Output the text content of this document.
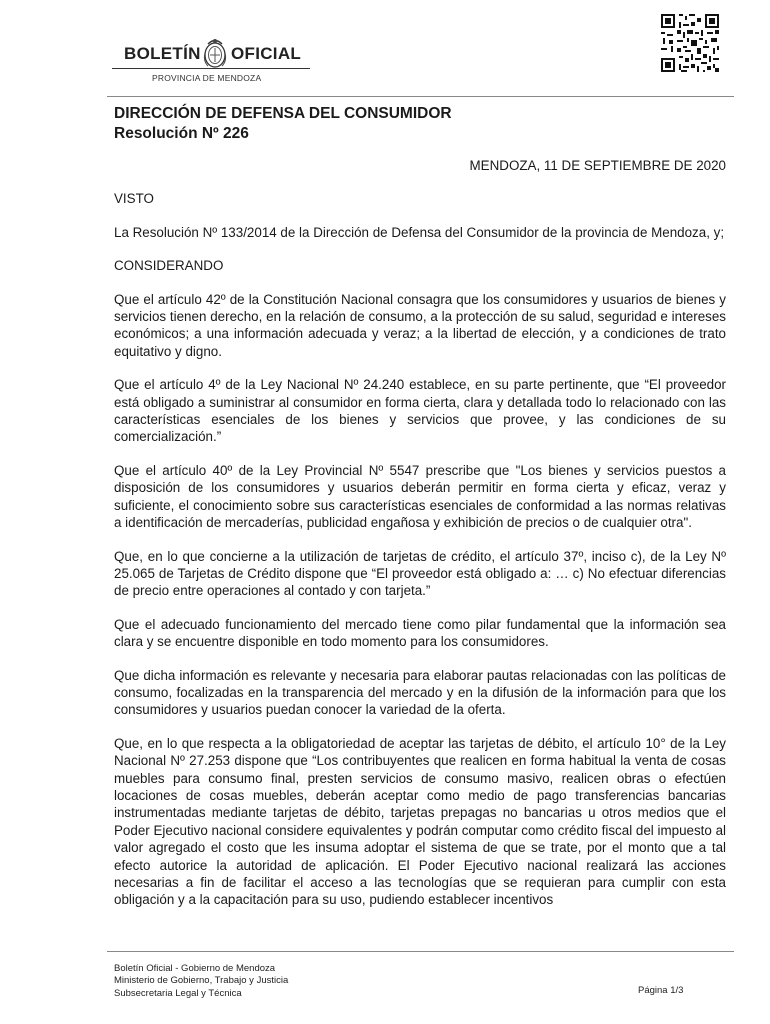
BOLETÍN OFICIAL
PROVINCIA DE MENDOZA
DIRECCIÓN DE DEFENSA DEL CONSUMIDOR
Resolución Nº 226
MENDOZA, 11 DE SEPTIEMBRE DE 2020

VISTO

La Resolución Nº 133/2014 de la Dirección de Defensa del Consumidor de la provincia de Mendoza, y;

CONSIDERANDO

Que el artículo 42º de la Constitución Nacional consagra que los consumidores y usuarios de bienes y servicios tienen derecho, en la relación de consumo, a la protección de su salud, seguridad e intereses económicos; a una información adecuada y veraz; a la libertad de elección, y a condiciones de trato equitativo y digno.

Que el artículo 4º de la Ley Nacional Nº 24.240 establece, en su parte pertinente, que “El proveedor está obligado a suministrar al consumidor en forma cierta, clara y detallada todo lo relacionado con las características esenciales de los bienes y servicios que provee, y las condiciones de su comercialización.”

Que el artículo 40º de la Ley Provincial Nº 5547 prescribe que "Los bienes y servicios puestos a disposición de los consumidores y usuarios deberán permitir en forma cierta y eficaz, veraz y suficiente, el conocimiento sobre sus características esenciales de conformidad a las normas relativas a identificación de mercaderías, publicidad engañosa y exhibición de precios o de cualquier otra".

Que, en lo que concierne a la utilización de tarjetas de crédito, el artículo 37º, inciso c), de la Ley Nº 25.065 de Tarjetas de Crédito dispone que “El proveedor está obligado a: … c) No efectuar diferencias de precio entre operaciones al contado y con tarjeta.”

Que el adecuado funcionamiento del mercado tiene como pilar fundamental que la información sea clara y se encuentre disponible en todo momento para los consumidores.

Que dicha información es relevante y necesaria para elaborar pautas relacionadas con las políticas de consumo, focalizadas en la transparencia del mercado y en la difusión de la información para que los consumidores y usuarios puedan conocer la variedad de la oferta.

Que, en lo que respecta a la obligatoriedad de aceptar las tarjetas de débito, el artículo 10° de la Ley Nacional Nº 27.253 dispone que “Los contribuyentes que realicen en forma habitual la venta de cosas muebles para consumo final, presten servicios de consumo masivo, realicen obras o efectúen locaciones de cosas muebles, deberán aceptar como medio de pago transferencias bancarias instrumentadas mediante tarjetas de débito, tarjetas prepagas no bancarias u otros medios que el Poder Ejecutivo nacional considere equivalentes y podrán computar como crédito fiscal del impuesto al valor agregado el costo que les insuma adoptar el sistema de que se trate, por el monto que a tal efecto autorice la autoridad de aplicación. El Poder Ejecutivo nacional realizará las acciones necesarias a fin de facilitar el acceso a las tecnologías que se requieran para cumplir con esta obligación y a la capacitación para su uso, pudiendo establecer incentivos

Boletín Oficial - Gobierno de Mendoza
Ministerio de Gobierno, Trabajo y Justicia
Subsecretaria Legal y Técnica	Página 1/3
